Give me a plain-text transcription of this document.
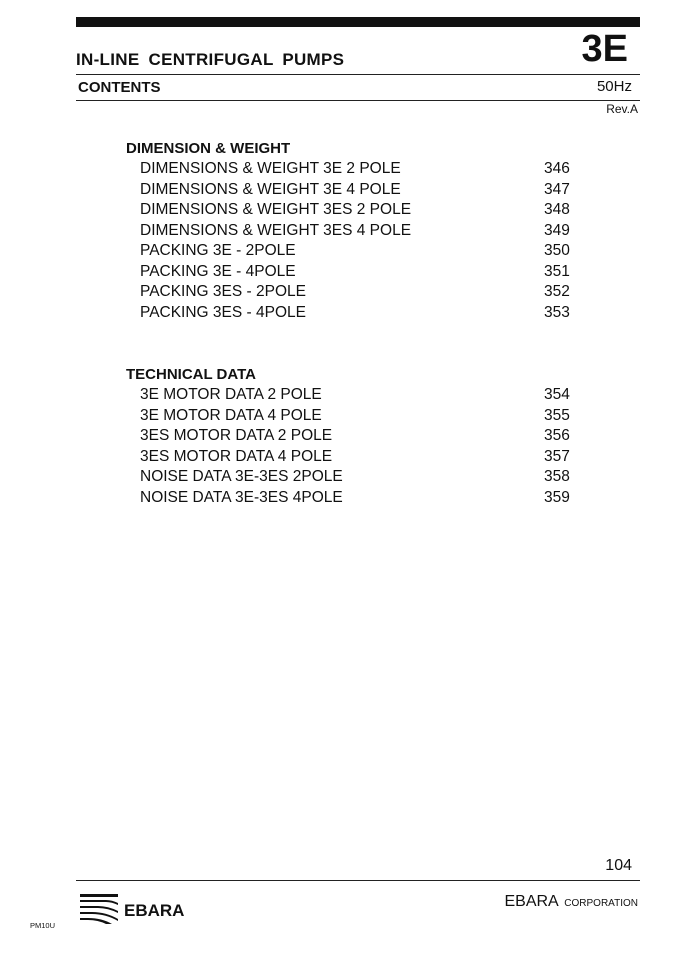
IN-LINE CENTRIFUGAL PUMPS	3E
CONTENTS	50Hz
Rev.A
DIMENSION & WEIGHT
DIMENSIONS & WEIGHT 3E 2 POLE	346
DIMENSIONS & WEIGHT 3E 4 POLE	347
DIMENSIONS & WEIGHT 3ES 2 POLE	348
DIMENSIONS & WEIGHT 3ES 4 POLE	349
PACKING 3E - 2POLE	350
PACKING 3E - 4POLE	351
PACKING 3ES - 2POLE	352
PACKING 3ES - 4POLE	353
TECHNICAL DATA
3E MOTOR DATA 2 POLE	354
3E MOTOR DATA 4 POLE	355
3ES MOTOR DATA 2 POLE	356
3ES MOTOR DATA 4 POLE	357
NOISE DATA 3E-3ES 2POLE	358
NOISE DATA 3E-3ES 4POLE	359
104
EBARA	EBARA CORPORATION
PM10U
